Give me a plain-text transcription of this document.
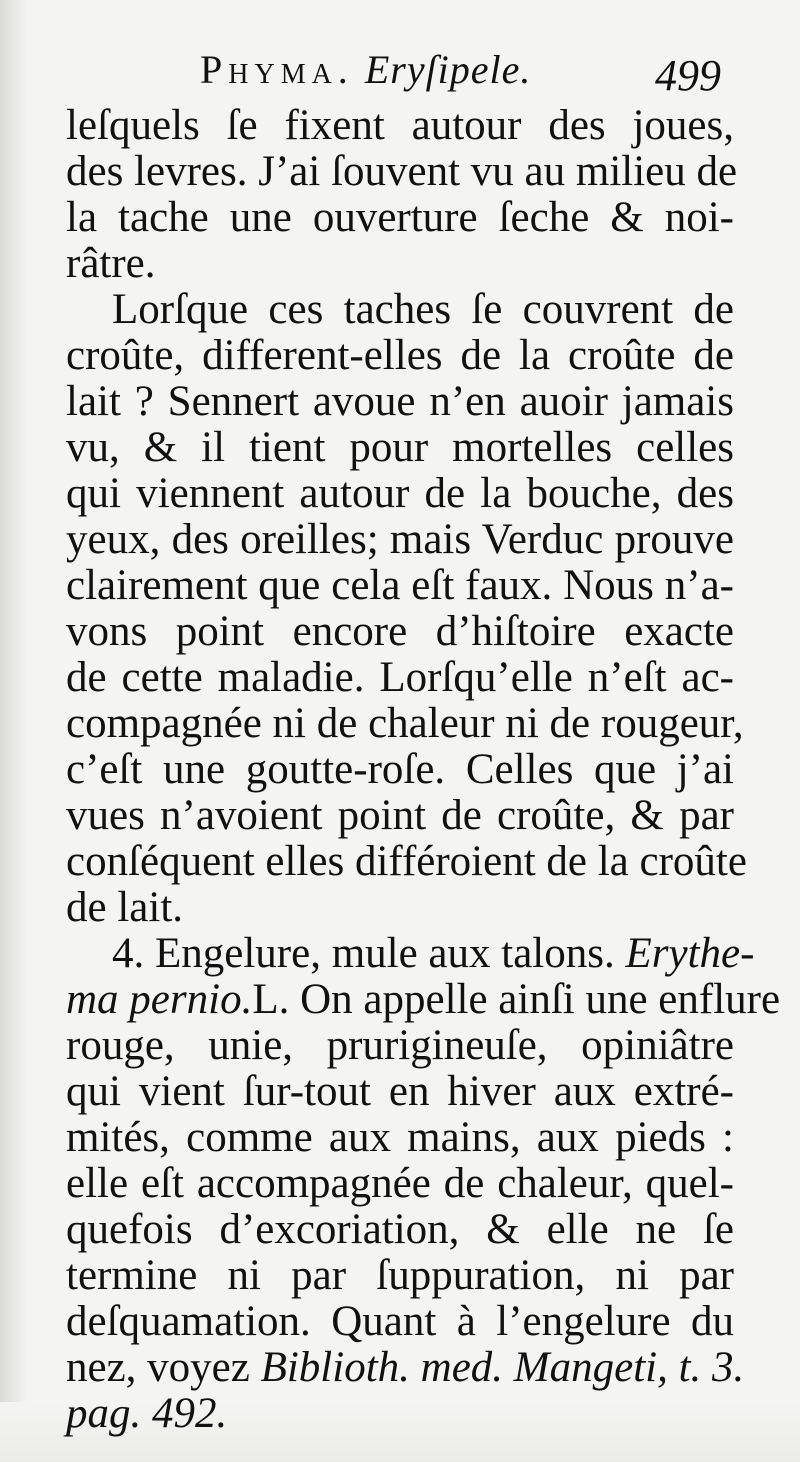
Phyma. Eryſipele.	499
leſquels ſe fixent autour des joues,
des levres. J’ai ſouvent vu au milieu de
la tache une ouverture ſeche & noi-
râtre.
Lorſque ces taches ſe couvrent de
croûte, different-elles de la croûte de
lait ? Sennert avoue n’en auoir jamais
vu, & il tient pour mortelles celles
qui viennent autour de la bouche, des
yeux, des oreilles; mais Verduc prouve
clairement que cela eſt faux. Nous n’a-
vons point encore d’hiſtoire exacte
de cette maladie. Lorſqu’elle n’eſt ac-
compagnée ni de chaleur ni de rougeur,
c’eſt une goutte-roſe. Celles que j’ai
vues n’avoient point de croûte, & par
conſéquent elles différoient de la croûte
de lait.
4. Engelure, mule aux talons. Erythe-
ma pernio.L. On appelle ainſi une enflure
rouge, unie, prurigineuſe, opiniâtre
qui vient ſur-tout en hiver aux extré-
mités, comme aux mains, aux pieds :
elle eſt accompagnée de chaleur, quel-
quefois d’excoriation, & elle ne ſe
termine ni par ſuppuration, ni par
deſquamation. Quant à l’engelure du
nez, voyez Biblioth. med. Mangeti, t. 3.
pag. 492.
